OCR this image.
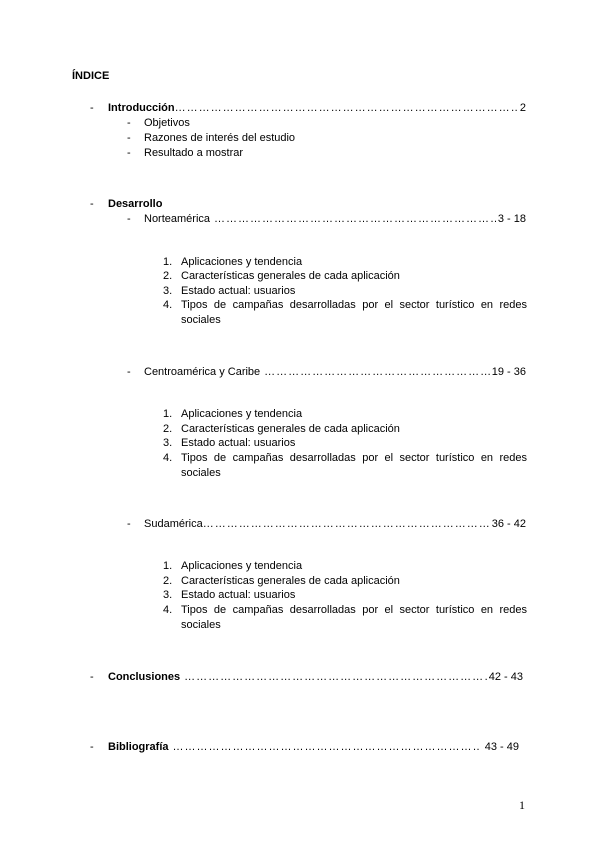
ÍNDICE
- Introducción ……………………………………………………………………………………………………………………………………………………………………	2
- Objetivos
- Razones de interés del estudio
- Resultado a mostrar
- Desarrollo
- Norteamérica ……………………………………………………………………………………………………………………………………………………………………	3 - 18
1. Aplicaciones y tendencia
2. Características generales de cada aplicación
3. Estado actual: usuarios
4. Tipos de campañas desarrolladas por el sector turístico en redes sociales
- Centroamérica y Caribe ……………………………………………………………………………………………………………………………………………………………………	19 - 36
1. Aplicaciones y tendencia
2. Características generales de cada aplicación
3. Estado actual: usuarios
4. Tipos de campañas desarrolladas por el sector turístico en redes sociales
- Sudamérica ……………………………………………………………………………………………………………………………………………………………………	36 - 42
1. Aplicaciones y tendencia
2. Características generales de cada aplicación
3. Estado actual: usuarios
4. Tipos de campañas desarrolladas por el sector turístico en redes sociales
- Conclusiones ……………………………………………………………………………………………………………………………………………………………………	42 - 43
- Bibliografía ……………………………………………………………………………………………………………………………………………………………………	43 - 49
1
